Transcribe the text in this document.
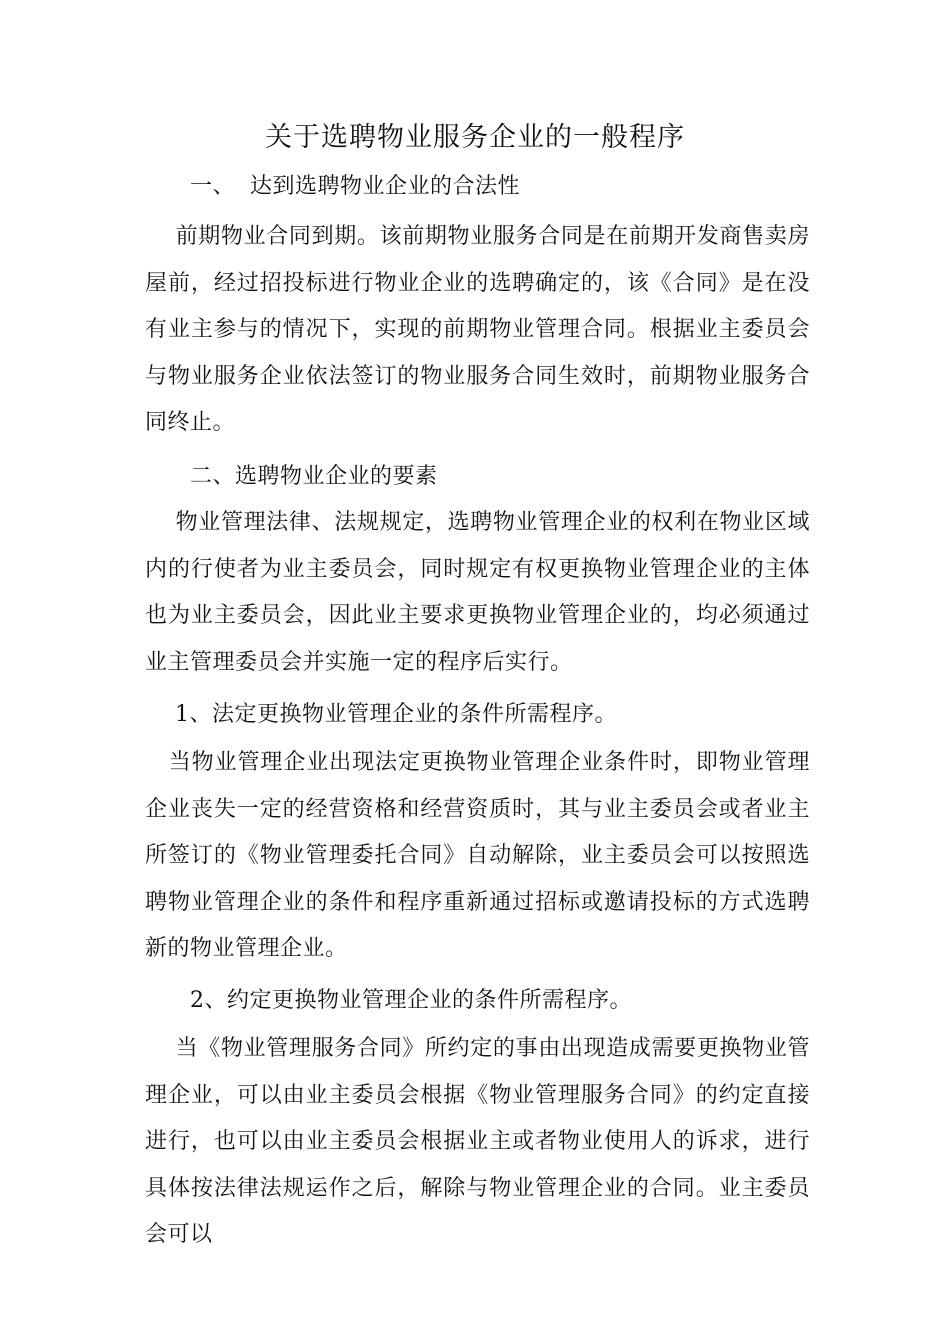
关于选聘物业服务企业的一般程序

一、  达到选聘物业企业的合法性

前期物业合同到期。该前期物业服务合同是在前期开发商售卖房屋前，经过招投标进行物业企业的选聘确定的，该《合同》是在没有业主参与的情况下，实现的前期物业管理合同。根据业主委员会与物业服务企业依法签订的物业服务合同生效时，前期物业服务合同终止。

二、选聘物业企业的要素

物业管理法律、法规规定，选聘物业管理企业的权利在物业区域内的行使者为业主委员会，同时规定有权更换物业管理企业的主体也为业主委员会，因此业主要求更换物业管理企业的，均必须通过业主管理委员会并实施一定的程序后实行。

1、法定更换物业管理企业的条件所需程序。

当物业管理企业出现法定更换物业管理企业条件时，即物业管理企业丧失一定的经营资格和经营资质时，其与业主委员会或者业主所签订的《物业管理委托合同》自动解除，业主委员会可以按照选聘物业管理企业的条件和程序重新通过招标或邀请投标的方式选聘新的物业管理企业。

2、约定更换物业管理企业的条件所需程序。

当《物业管理服务合同》所约定的事由出现造成需要更换物业管理企业，可以由业主委员会根据《物业管理服务合同》的约定直接进行，也可以由业主委员会根据业主或者物业使用人的诉求，进行具体按法律法规运作之后，解除与物业管理企业的合同。业主委员会可以
